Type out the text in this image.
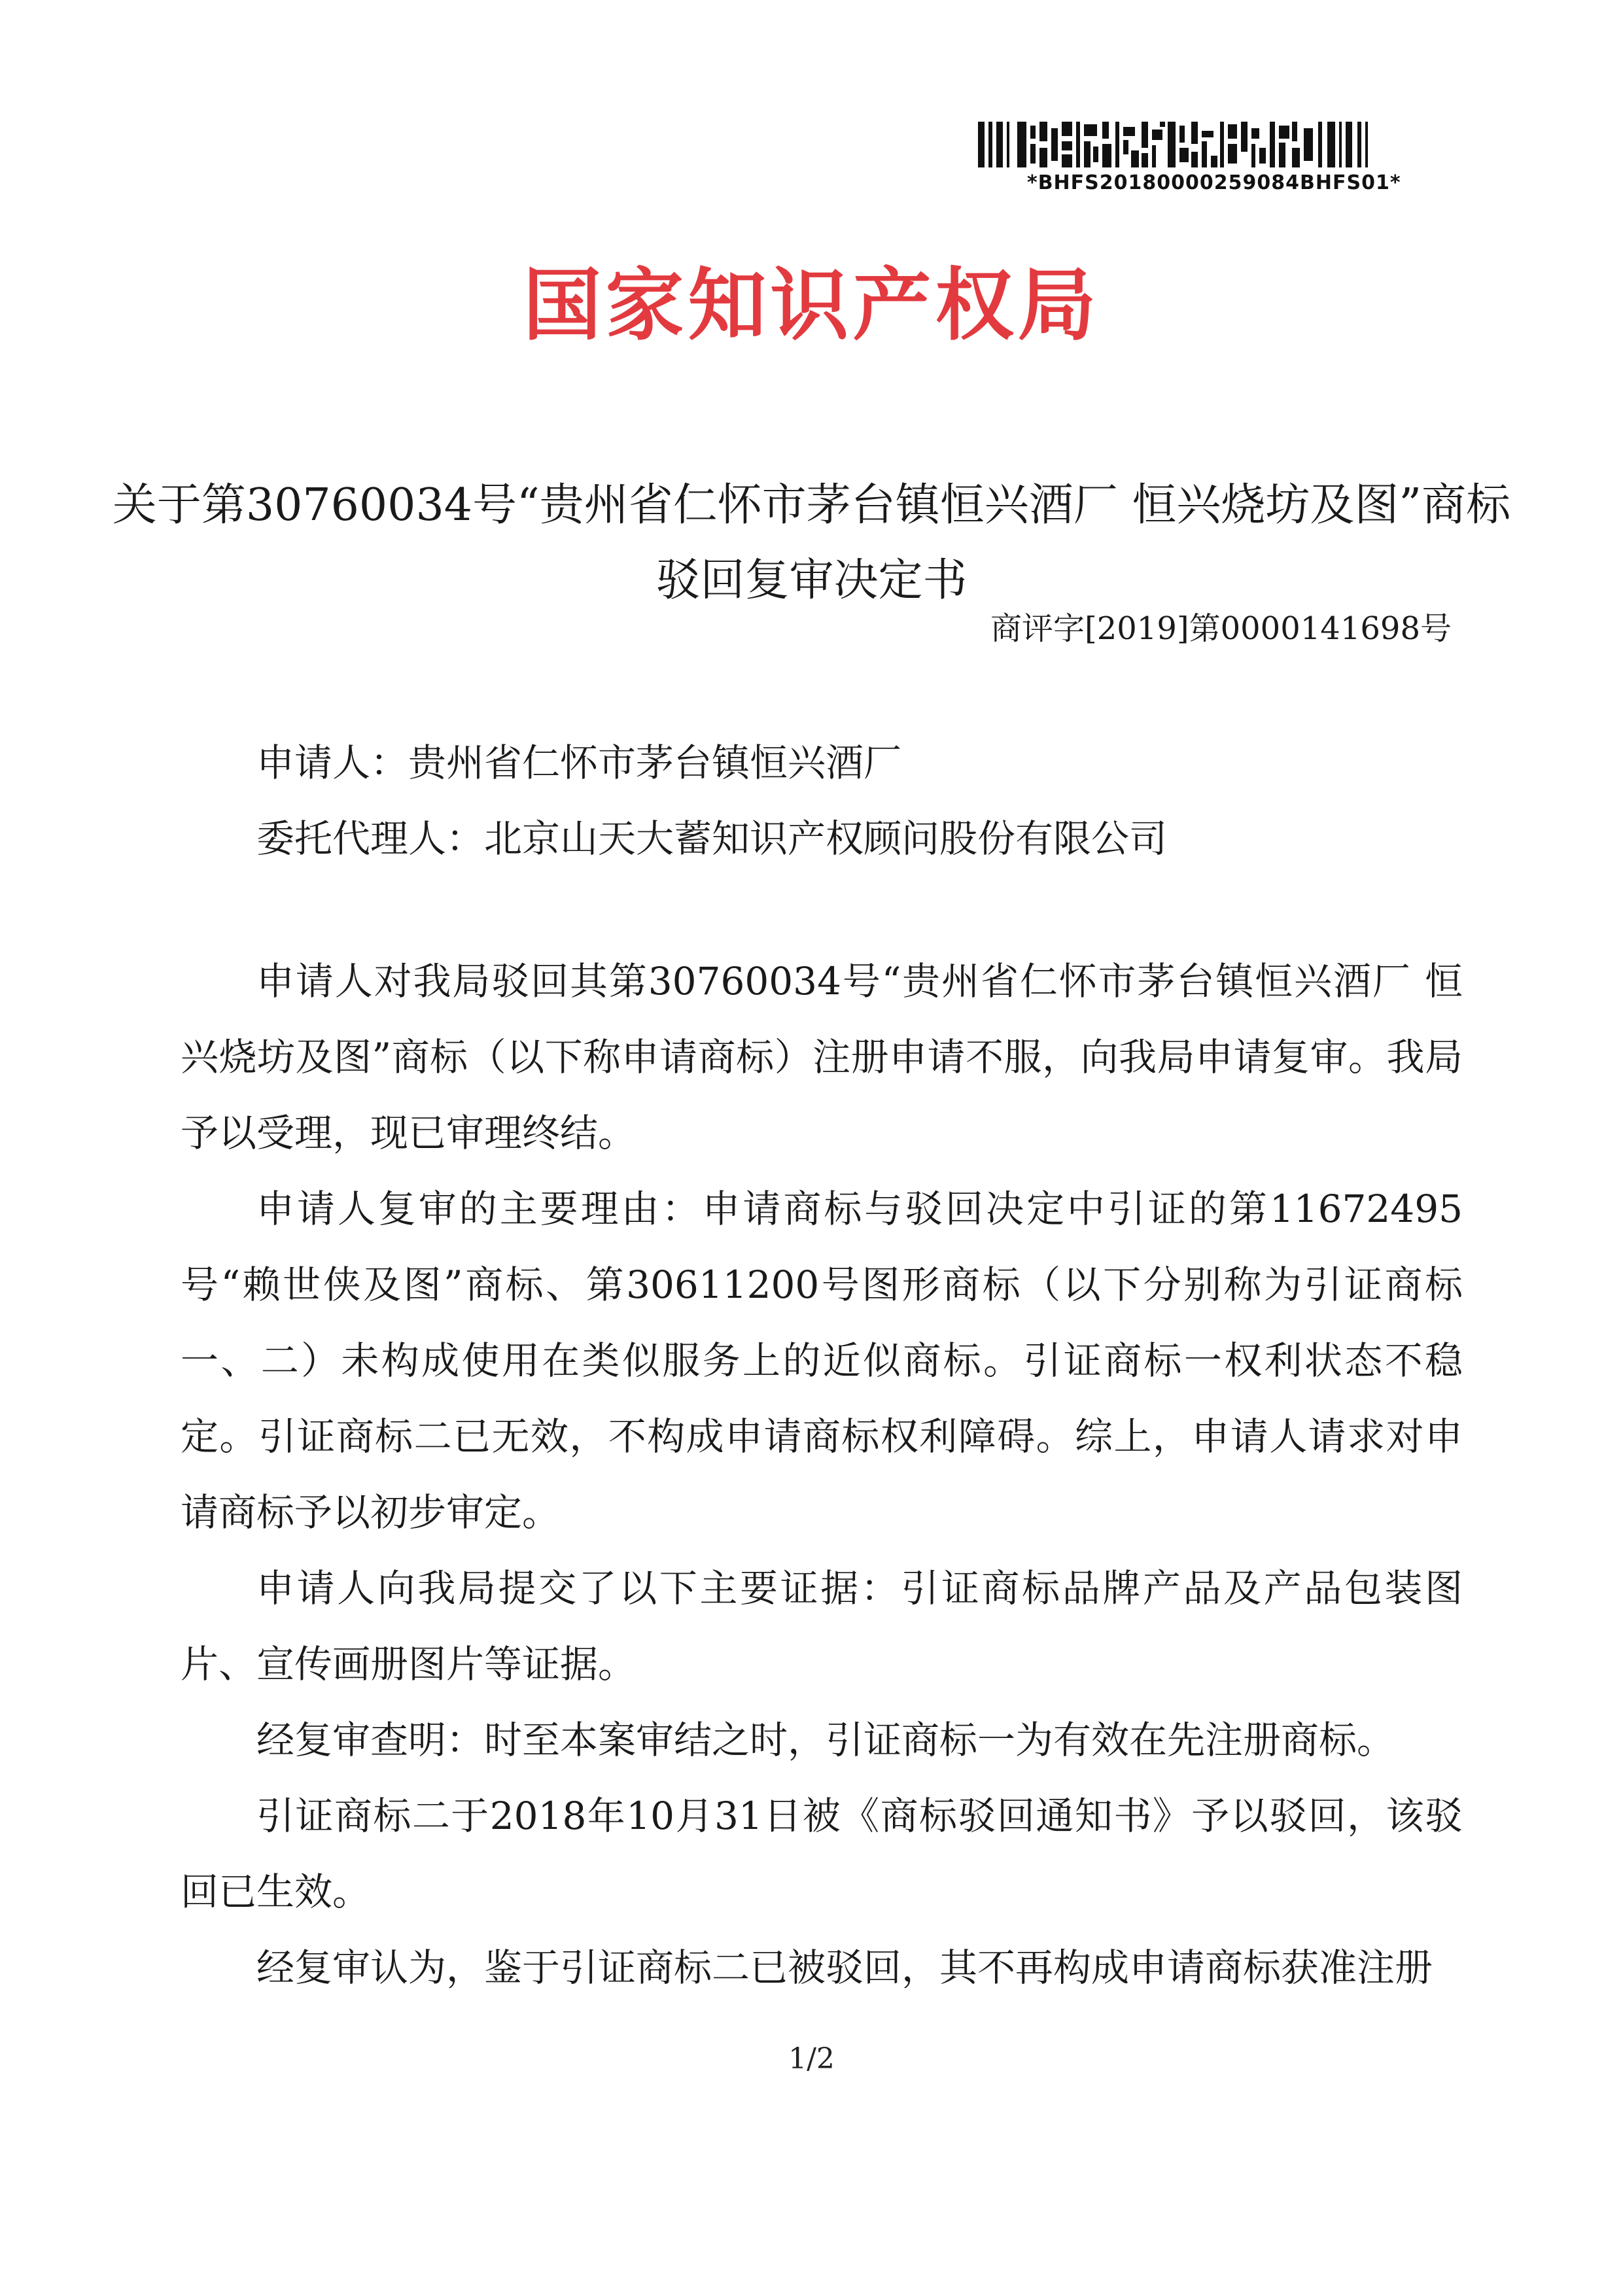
*BHFS20180000259084BHFS01*
国家知识产权局
关于第30760034号“贵州省仁怀市茅台镇恒兴酒厂 恒兴烧坊及图”商标
驳回复审决定书
商评字[2019]第0000141698号
申请人：贵州省仁怀市茅台镇恒兴酒厂
委托代理人：北京山天大蓄知识产权顾问股份有限公司

申请人对我局驳回其第30760034号“贵州省仁怀市茅台镇恒兴酒厂 恒兴烧坊及图”商标（以下称申请商标）注册申请不服，向我局申请复审。我局予以受理，现已审理终结。

申请人复审的主要理由：申请商标与驳回决定中引证的第11672495号“赖世侠及图”商标、第30611200号图形商标（以下分别称为引证商标一、二）未构成使用在类似服务上的近似商标。引证商标一权利状态不稳定。引证商标二已无效，不构成申请商标权利障碍。综上，申请人请求对申请商标予以初步审定。

申请人向我局提交了以下主要证据：引证商标品牌产品及产品包装图片、宣传画册图片等证据。

经复审查明：时至本案审结之时，引证商标一为有效在先注册商标。

引证商标二于2018年10月31日被《商标驳回通知书》予以驳回，该驳回已生效。

经复审认为，鉴于引证商标二已被驳回，其不再构成申请商标获准注册

1/2
